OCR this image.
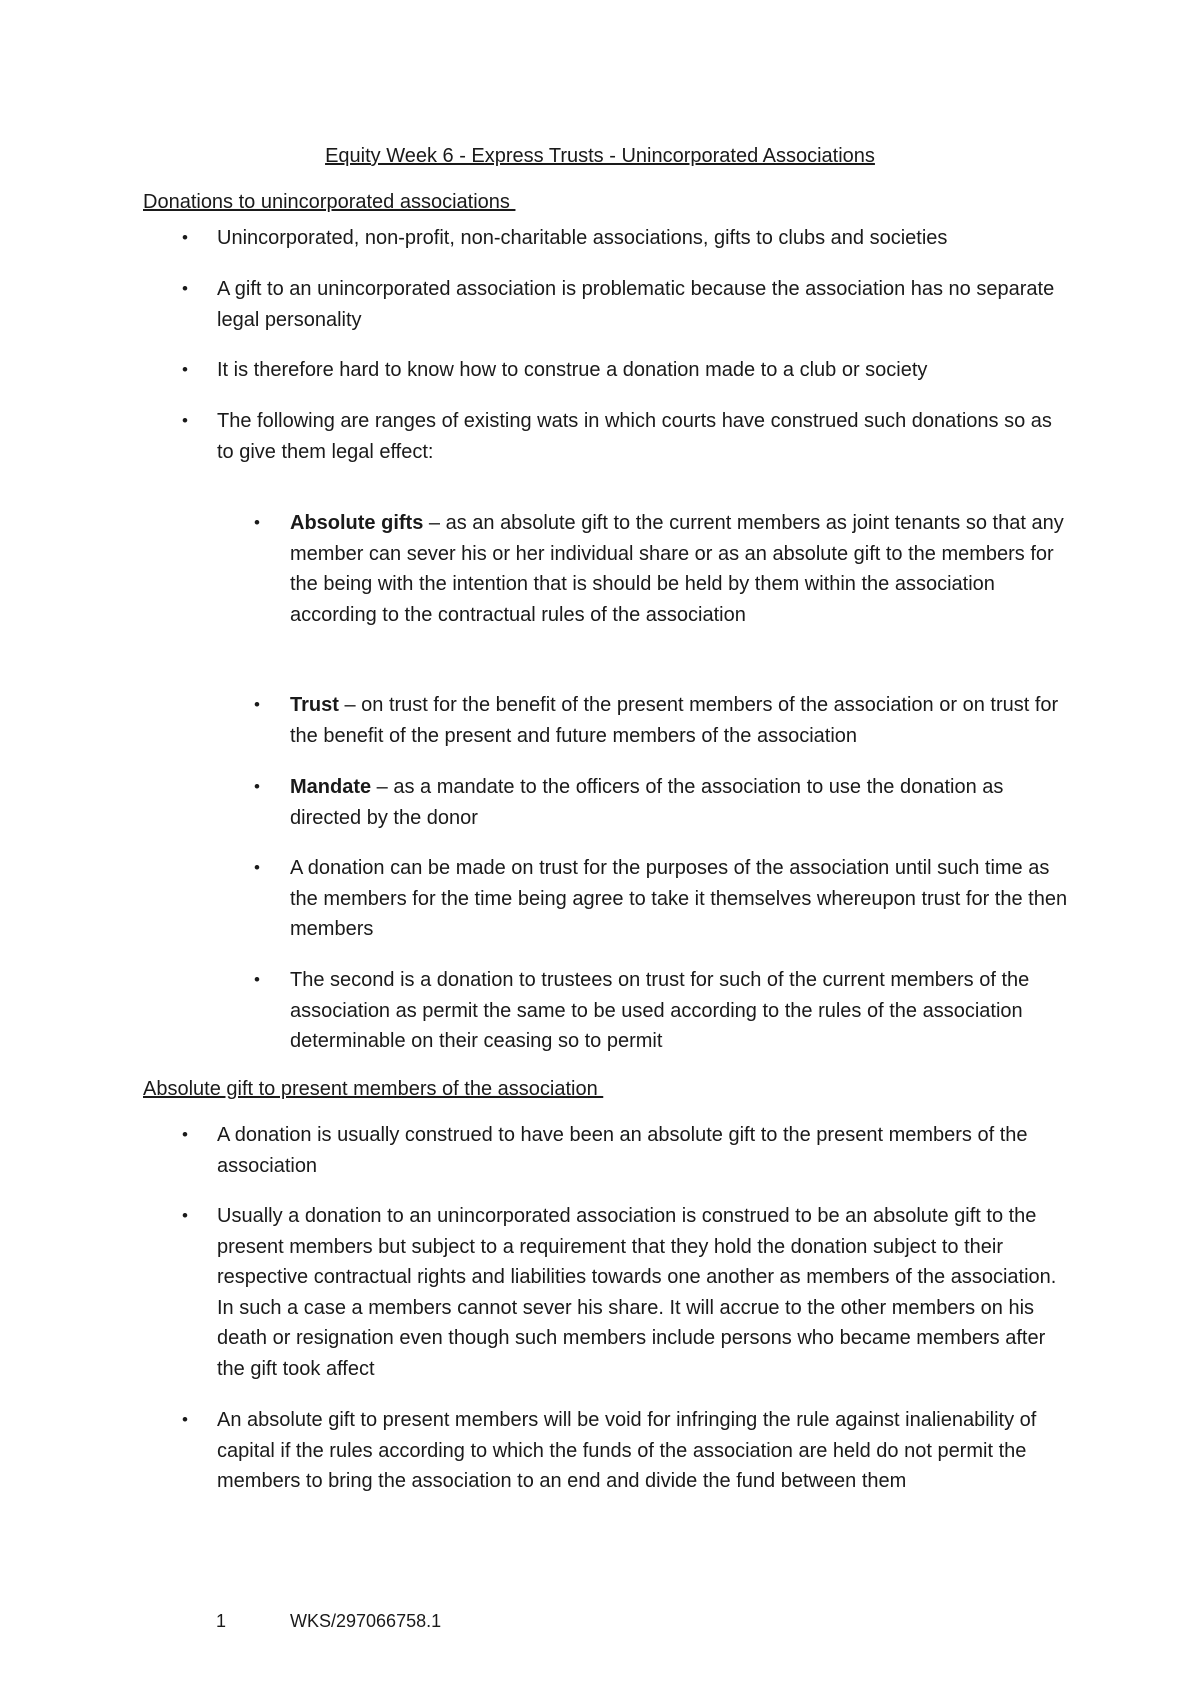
Equity Week 6 - Express Trusts - Unincorporated Associations
Donations to unincorporated associations
• Unincorporated, non-profit, non-charitable associations, gifts to clubs and societies
• A gift to an unincorporated association is problematic because the association has no separate legal personality
• It is therefore hard to know how to construe a donation made to a club or society
• The following are ranges of existing wats in which courts have construed such donations so as to give them legal effect:
• Absolute gifts – as an absolute gift to the current members as joint tenants so that any member can sever his or her individual share or as an absolute gift to the members for the being with the intention that is should be held by them within the association according to the contractual rules of the association
• Trust – on trust for the benefit of the present members of the association or on trust for the benefit of the present and future members of the association
• Mandate – as a mandate to the officers of the association to use the donation as directed by the donor
• A donation can be made on trust for the purposes of the association until such time as the members for the time being agree to take it themselves whereupon trust for the then members
• The second is a donation to trustees on trust for such of the current members of the association as permit the same to be used according to the rules of the association determinable on their ceasing so to permit
Absolute gift to present members of the association
• A donation is usually construed to have been an absolute gift to the present members of the association
• Usually a donation to an unincorporated association is construed to be an absolute gift to the present members but subject to a requirement that they hold the donation subject to their respective contractual rights and liabilities towards one another as members of the association. In such a case a members cannot sever his share. It will accrue to the other members on his death or resignation even though such members include persons who became members after the gift took affect
• An absolute gift to present members will be void for infringing the rule against inalienability of capital if the rules according to which the funds of the association are held do not permit the members to bring the association to an end and divide the fund between them
1	WKS/297066758.1
